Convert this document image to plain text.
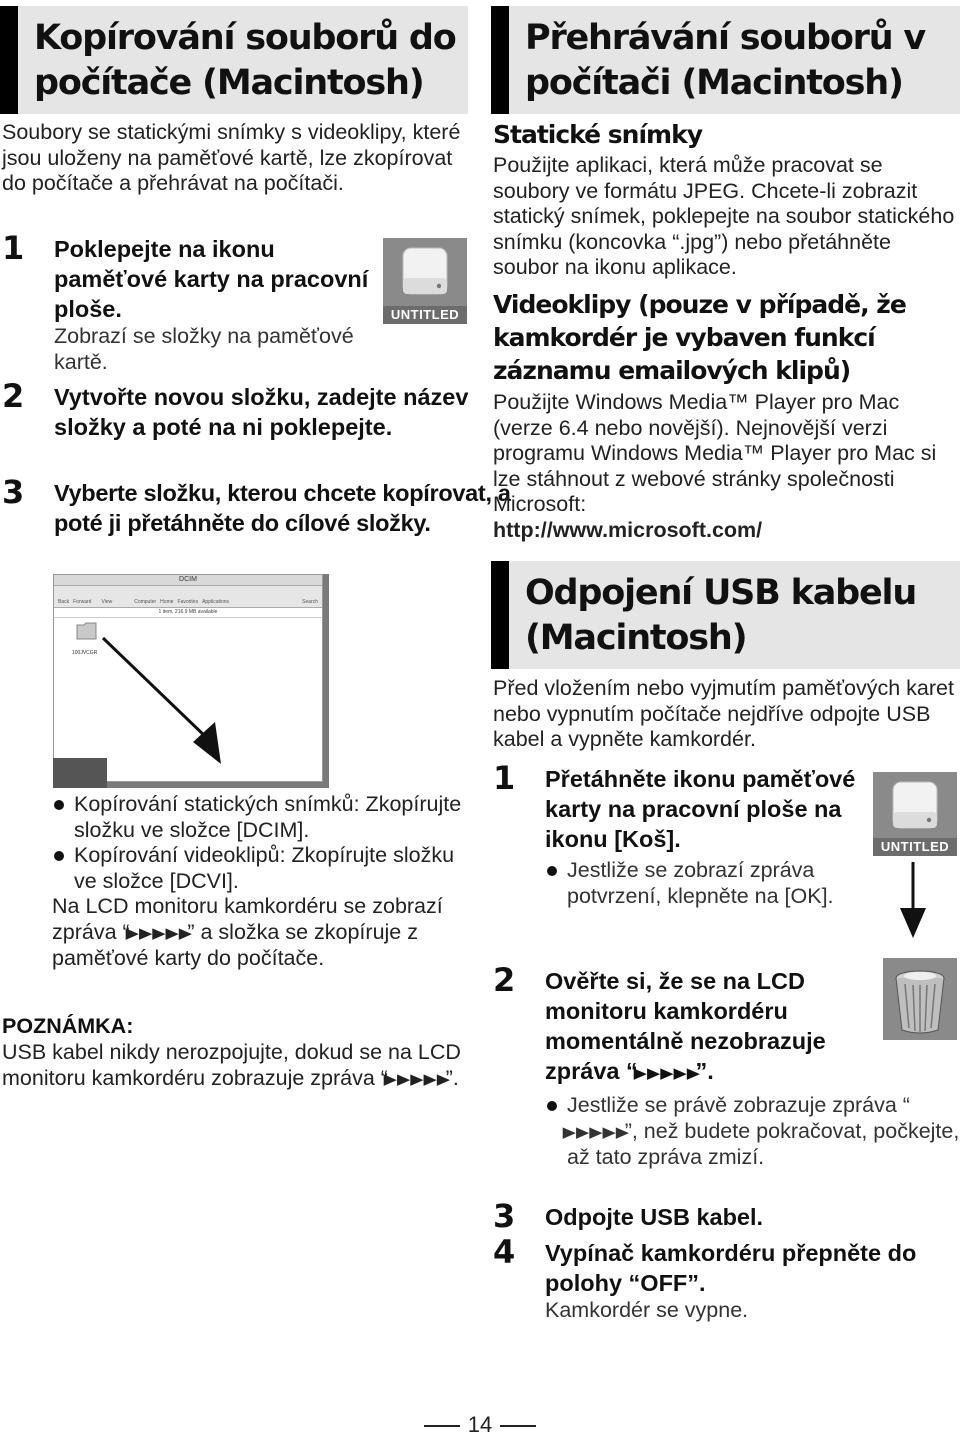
Kopírování souborů do počítače (Macintosh)

Soubory se statickými snímky s videoklipy, které jsou uloženy na paměťové kartě, lze zkopírovat do počítače a přehrávat na počítači.

1 Poklepejte na ikonu paměťové karty na pracovní ploše.
Zobrazí se složky na paměťové kartě.
UNTITLED
2 Vytvořte novou složku, zadejte název složky a poté na ni poklepejte.
3 Vyberte složku, kterou chcete kopírovat, a poté ji přetáhněte do cílové složky.
DCIM
Back Forward View	Computer Home Favorites Applications	Search
1 item, 216.9 MB available
100JVCGR
Kopírování statických snímků: Zkopírujte složku ve složce [DCIM].
Kopírování videoklipů: Zkopírujte složku ve složce [DCVI].
Na LCD monitoru kamkordéru se zobrazí zpráva “▶▶▶▶▶” a složka se zkopíruje z paměťové karty do počítače.
POZNÁMKA:
USB kabel nikdy nerozpojujte, dokud se na LCD monitoru kamkordéru zobrazuje zpráva “▶▶▶▶▶”.
Přehrávání souborů v počítači (Macintosh)
Statické snímky

Použijte aplikaci, která může pracovat se soubory ve formátu JPEG. Chcete-li zobrazit statický snímek, poklepejte na soubor statického snímku (koncovka “.jpg”) nebo přetáhněte soubor na ikonu aplikace.

Videoklipy (pouze v případě, že kamkordér je vybaven funkcí záznamu emailových klipů)

Použijte Windows Media™ Player pro Mac (verze 6.4 nebo novější). Nejnovější verzi programu Windows Media™ Player pro Mac si lze stáhnout z webové stránky společnosti Microsoft:

http://www.microsoft.com/

Odpojení USB kabelu (Macintosh)

Před vložením nebo vyjmutím paměťových karet nebo vypnutím počítače nejdříve odpojte USB kabel a vypněte kamkordér.

1 Přetáhněte ikonu paměťové karty na pracovní ploše na ikonu [Koš].
Jestliže se zobrazí zpráva potvrzení, klepněte na [OK].
UNTITLED
2 Ověřte si, že se na LCD monitoru kamkordéru momentálně nezobrazuje zpráva “▶▶▶▶▶”.
Jestliže se právě zobrazuje zpráva “▶▶▶▶▶”, než budete pokračovat, počkejte, až tato zpráva zmizí.
3 Odpojte USB kabel.
4 Vypínač kamkordéru přepněte do polohy “OFF”.
Kamkordér se vypne.
14
